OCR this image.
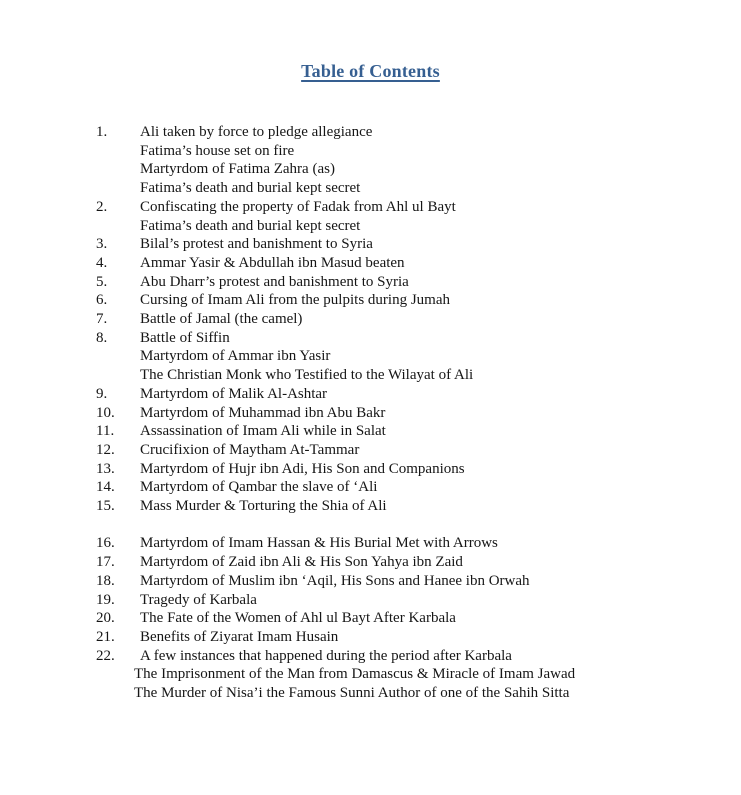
Table of Contents
1.	Ali taken by force to pledge allegiance
Fatima’s house set on fire
Martyrdom of Fatima Zahra (as)
Fatima’s death and burial kept secret
2.	Confiscating the property of Fadak from Ahl ul Bayt
Fatima’s death and burial kept secret
3.	Bilal’s protest and banishment to Syria
4.	Ammar Yasir & Abdullah ibn Masud beaten
5.	Abu Dharr’s protest and banishment to Syria
6.	Cursing of Imam Ali from the pulpits during Jumah
7.	Battle of Jamal (the camel)
8.	Battle of Siffin
Martyrdom of Ammar ibn Yasir
The Christian Monk who Testified to the Wilayat of Ali
9.	Martyrdom of Malik Al-Ashtar
10.	Martyrdom of Muhammad ibn Abu Bakr
11.	Assassination of Imam Ali while in Salat
12.	Crucifixion of Maytham At-Tammar
13.	Martyrdom of Hujr ibn Adi, His Son and Companions
14.	Martyrdom of Qambar the slave of ‘Ali
15.	Mass Murder & Torturing the Shia of Ali
16.	Martyrdom of Imam Hassan & His Burial Met with Arrows
17.	Martyrdom of Zaid ibn Ali & His Son Yahya ibn Zaid
18.	Martyrdom of Muslim ibn ‘Aqil, His Sons and Hanee ibn Orwah
19.	Tragedy of Karbala
20.	The Fate of the Women of Ahl ul Bayt After Karbala
21.	Benefits of Ziyarat Imam Husain
22.	A few instances that happened during the period after Karbala
The Imprisonment of the Man from Damascus & Miracle of Imam Jawad
The Murder of Nisa’i the Famous Sunni Author of one of the Sahih Sitta
